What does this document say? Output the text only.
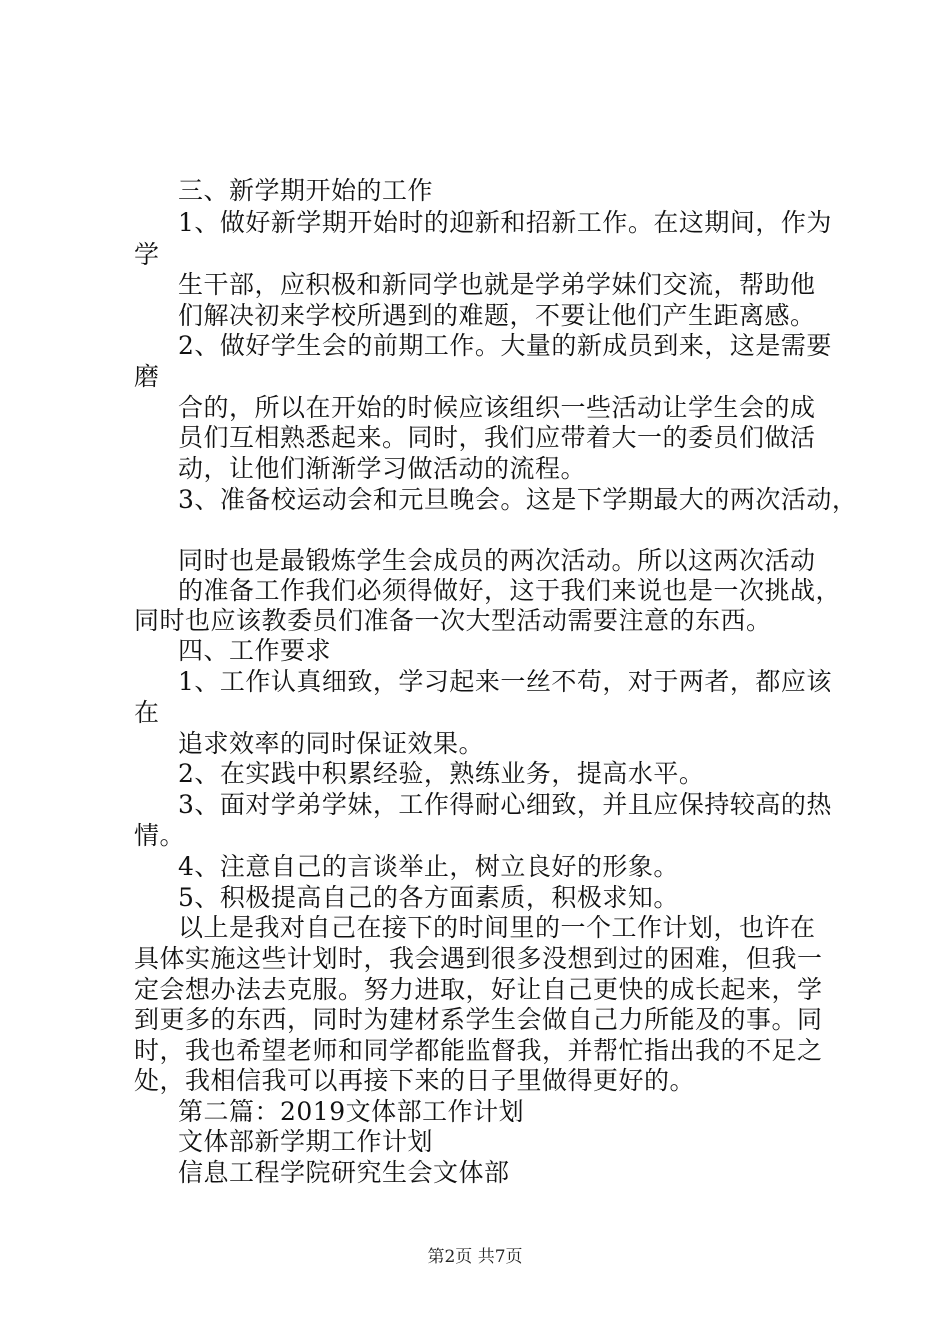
三、新学期开始的工作
1、做好新学期开始时的迎新和招新工作。在这期间，作为
学
生干部，应积极和新同学也就是学弟学妹们交流，帮助他
们解决初来学校所遇到的难题，不要让他们产生距离感。
2、做好学生会的前期工作。大量的新成员到来，这是需要
磨
合的，所以在开始的时候应该组织一些活动让学生会的成
员们互相熟悉起来。同时，我们应带着大一的委员们做活
动，让他们渐渐学习做活动的流程。
3、准备校运动会和元旦晚会。这是下学期最大的两次活动，
同时也是最锻炼学生会成员的两次活动。所以这两次活动
的准备工作我们必须得做好，这于我们来说也是一次挑战，
同时也应该教委员们准备一次大型活动需要注意的东西。
四、工作要求
1、工作认真细致，学习起来一丝不苟，对于两者，都应该
在
追求效率的同时保证效果。
2、在实践中积累经验，熟练业务，提高水平。
3、面对学弟学妹，工作得耐心细致，并且应保持较高的热
情。
4、注意自己的言谈举止，树立良好的形象。
5、积极提高自己的各方面素质，积极求知。
以上是我对自己在接下的时间里的一个工作计划，也许在
具体实施这些计划时，我会遇到很多没想到过的困难，但我一
定会想办法去克服。努力进取，好让自己更快的成长起来，学
到更多的东西，同时为建材系学生会做自己力所能及的事。同
时，我也希望老师和同学都能监督我，并帮忙指出我的不足之
处，我相信我可以再接下来的日子里做得更好的。
第二篇：2019文体部工作计划
文体部新学期工作计划
信息工程学院研究生会文体部
第2页 共7页
